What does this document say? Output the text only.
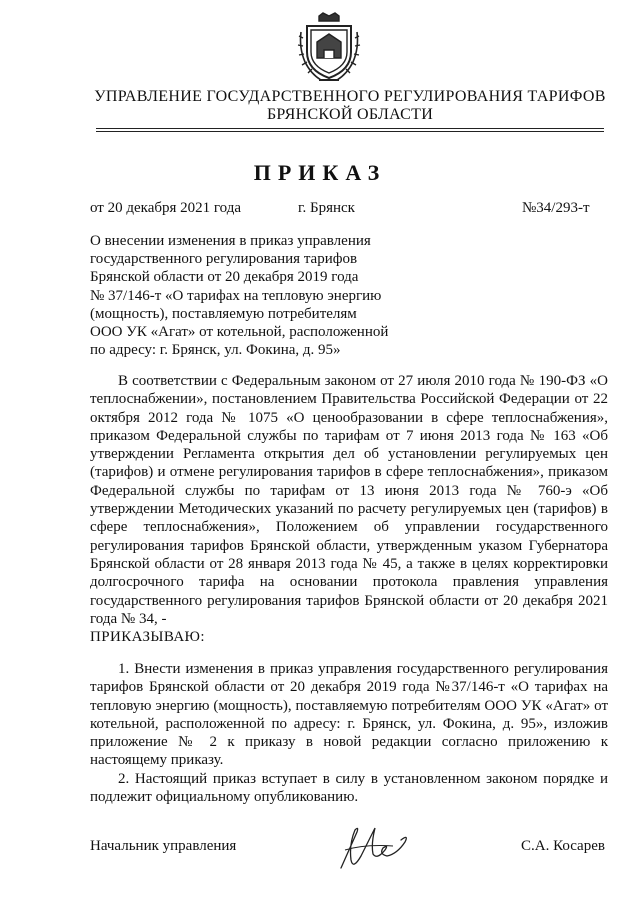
УПРАВЛЕНИЕ ГОСУДАРСТВЕННОГО РЕГУЛИРОВАНИЯ ТАРИФОВ
БРЯНСКОЙ ОБЛАСТИ
ПРИКАЗ
от 20 декабря 2021 года	г. Брянск	№34/293-т
О внесении изменения в приказ управления
государственного регулирования тарифов
Брянской области от 20 декабря 2019 года
№ 37/146-т «О тарифах на тепловую энергию
(мощность), поставляемую потребителям
ООО УК «Агат» от котельной, расположенной
по адресу: г. Брянск, ул. Фокина, д. 95»
В соответствии с Федеральным законом от 27 июля 2010 года № 190-ФЗ «О теплоснабжении», постановлением Правительства Российской Федерации от 22 октября 2012 года № 1075 «О ценообразовании в сфере теплоснабжения», приказом Федеральной службы по тарифам от 7 июня 2013 года № 163 «Об утверждении Регламента открытия дел об установлении регулируемых цен (тарифов) и отмене регулирования тарифов в сфере теплоснабжения», приказом Федеральной службы по тарифам от 13 июня 2013 года № 760-э «Об утверждении Методических указаний по расчету регулируемых цен (тарифов) в сфере теплоснабжения», Положением об управлении государственного регулирования тарифов Брянской области, утвержденным указом Губернатора Брянской области от 28 января 2013 года № 45, а также в целях корректировки долгосрочного тарифа на основании протокола правления управления государственного регулирования тарифов Брянской области от 20 декабря 2021 года № 34, -
ПРИКАЗЫВАЮ:
1. Внести изменения в приказ управления государственного регулирования тарифов Брянской области от 20 декабря 2019 года №37/146-т «О тарифах на тепловую энергию (мощность), поставляемую потребителям ООО УК «Агат» от котельной, расположенной по адресу: г. Брянск, ул. Фокина, д. 95», изложив приложение № 2 к приказу в новой редакции согласно приложению к настоящему приказу.
2. Настоящий приказ вступает в силу в установленном законом порядке и подлежит официальному опубликованию.
Начальник управления	С.А. Косарев
